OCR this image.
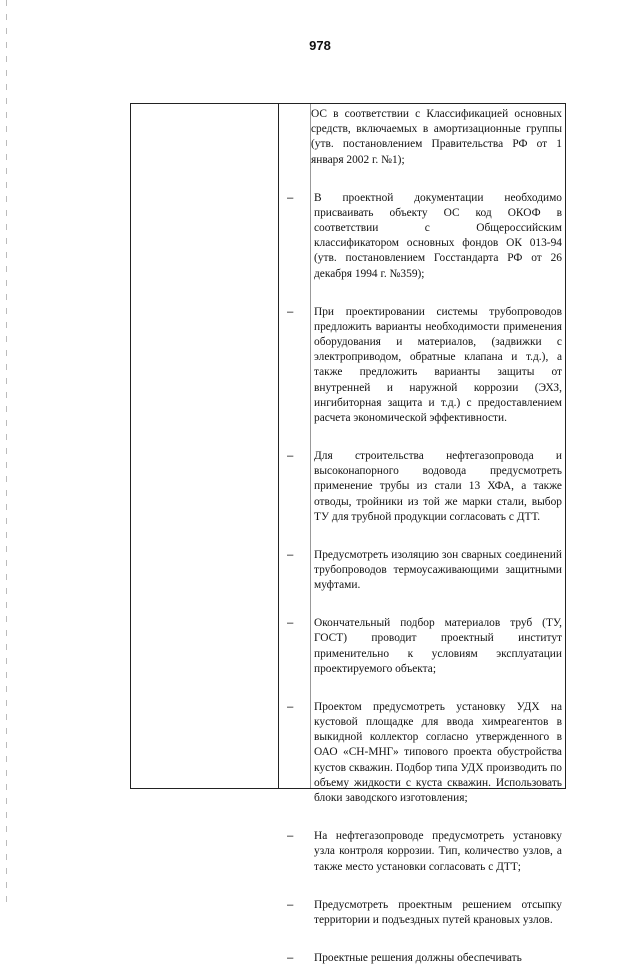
978

ОС в соответствии с Классификацией основных средств, включаемых в амортизационные группы (утв. постановлением Правительства РФ от 1 января 2002 г. №1);

– В проектной документации необходимо присваивать объекту ОС код ОКОФ в соответствии с Общероссийским классификатором основных фондов ОК 013-94 (утв. постановлением Госстандарта РФ от 26 декабря 1994 г. №359);

– При проектировании системы трубопроводов предложить варианты необходимости применения оборудования и материалов, (задвижки с электроприводом, обратные клапана и т.д.), а также предложить варианты защиты от внутренней и наружной коррозии (ЭХЗ, ингибиторная защита и т.д.) с предоставлением расчета экономической эффективности.

– Для строительства нефтегазопровода и высоконапорного водовода предусмотреть применение трубы из стали 13 ХФА, а также отводы, тройники из той же марки стали, выбор ТУ для трубной продукции согласовать с ДТТ.

– Предусмотреть изоляцию зон сварных соединений трубопроводов термоусаживающими защитными муфтами.

– Окончательный подбор материалов труб (ТУ, ГОСТ) проводит проектный институт применительно к условиям эксплуатации проектируемого объекта;

– Проектом предусмотреть установку УДХ на кустовой площадке для ввода химреагентов в выкидной коллектор согласно утвержденного в ОАО «СН-МНГ» типового проекта обустройства кустов скважин. Подбор типа УДХ производить по объему жидкости с куста скважин. Использовать блоки заводского изготовления;

– На нефтегазопроводе предусмотреть установку узла контроля коррозии. Тип, количество узлов, а также место установки согласовать с ДТТ;

– Предусмотреть проектным решением отсыпку территории и подъездных путей крановых узлов.

– Проектные решения должны обеспечивать
